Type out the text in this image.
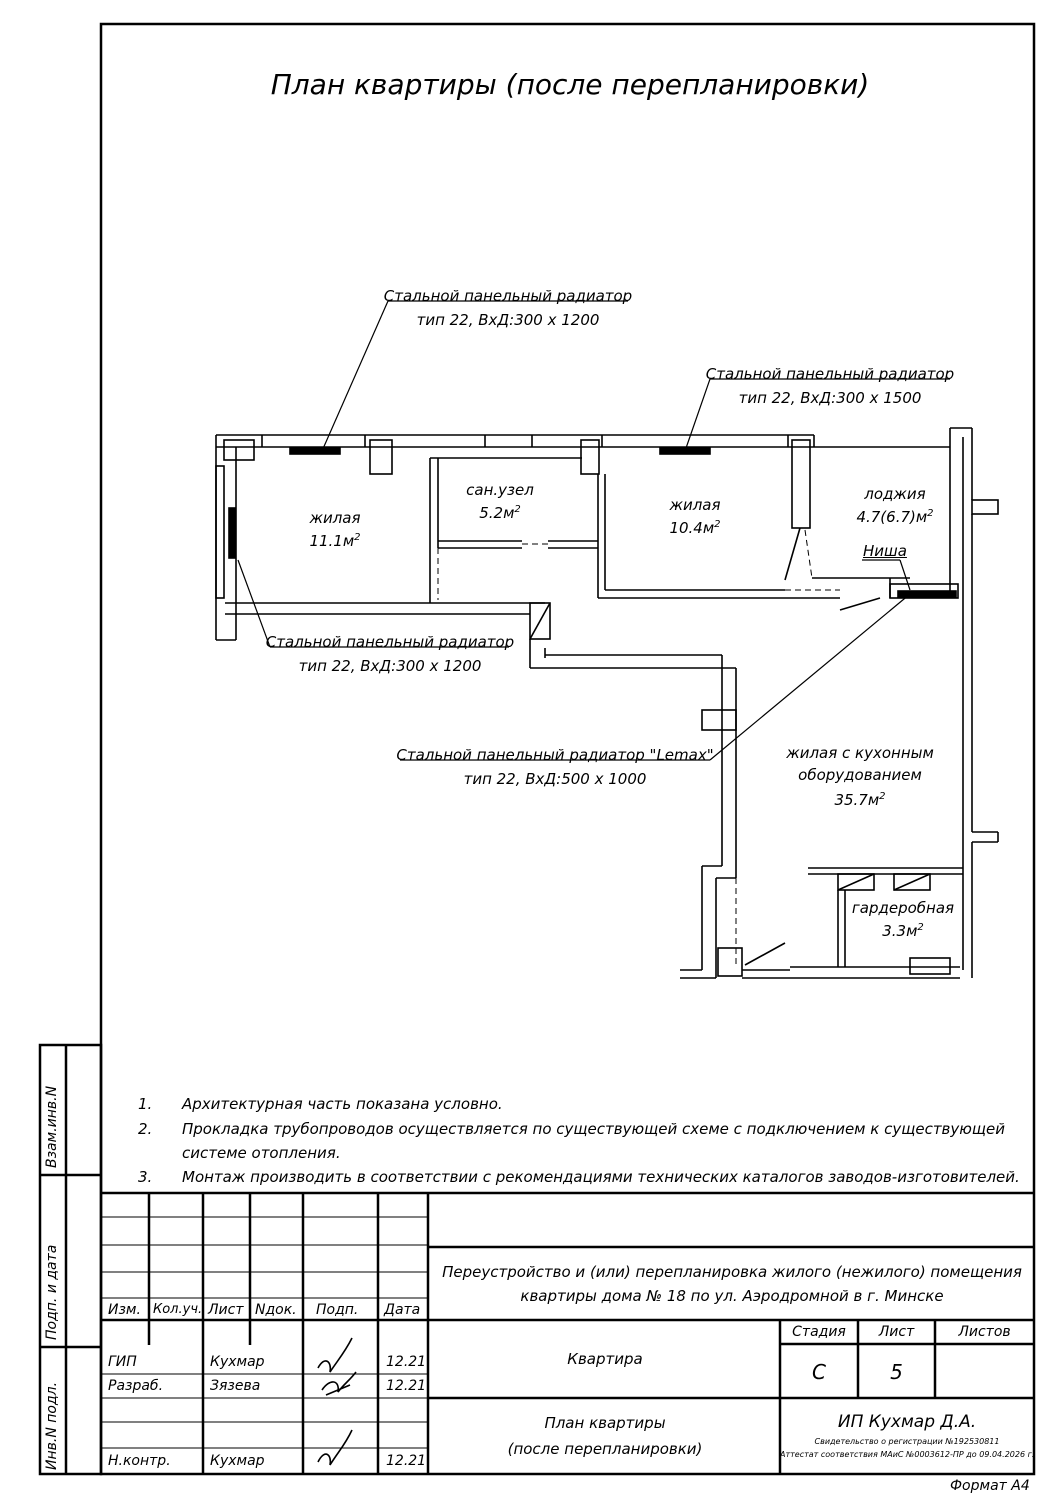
План квартиры (после перепланировки)
жилая
$11.1м^2$
сан.узел
$5.2м^2$	жилая
$10.4м^2$
лоджия
$4.7(6.7)м^2$
Ниша
жилая с кухонным
оборудованием
$35.7м^2$
гардеробная
$3.3м^2$
Стальной панельный радиатор
тип 22, ВхД:300 х 1200
Стальной панельный радиатор
тип 22, ВхД:300 х 1500
Стальной панельный радиатор
тип 22, ВхД:300 х 1200
Стальной панельный радиатор "Lemax"
тип 22, ВхД:500 х 1000
1. Архитектурная часть показана условно.
2. Прокладка трубопроводов осуществляется по существующей схеме с подключением к существующей
системе отопления.
3. Монтаж производить в соответствии с рекомендациями технических каталогов заводов-изготовителей.
Взам.инв.N
Подп. и дата
Инв.N подл.
Изм. Кол.уч. Лист Nдок. Подп. Дата
ГИП	Кухмар	12.21
Разраб.	Зязева	12.21
Н.контр.	Кухмар	12.21
Переустройство и (или) перепланировка жилого (нежилого) помещения
квартиры дома № 18 по ул. Аэродромной в г. Минске
Квартира
Стадия	Лист	Листов
С	5
План квартиры
(после перепланировки)
ИП Кухмар Д.А.
Свидетельство о регистрации №192530811
Аттестат соответствия МАиС №0003612-ПР до 09.04.2026 г.
Формат А4
